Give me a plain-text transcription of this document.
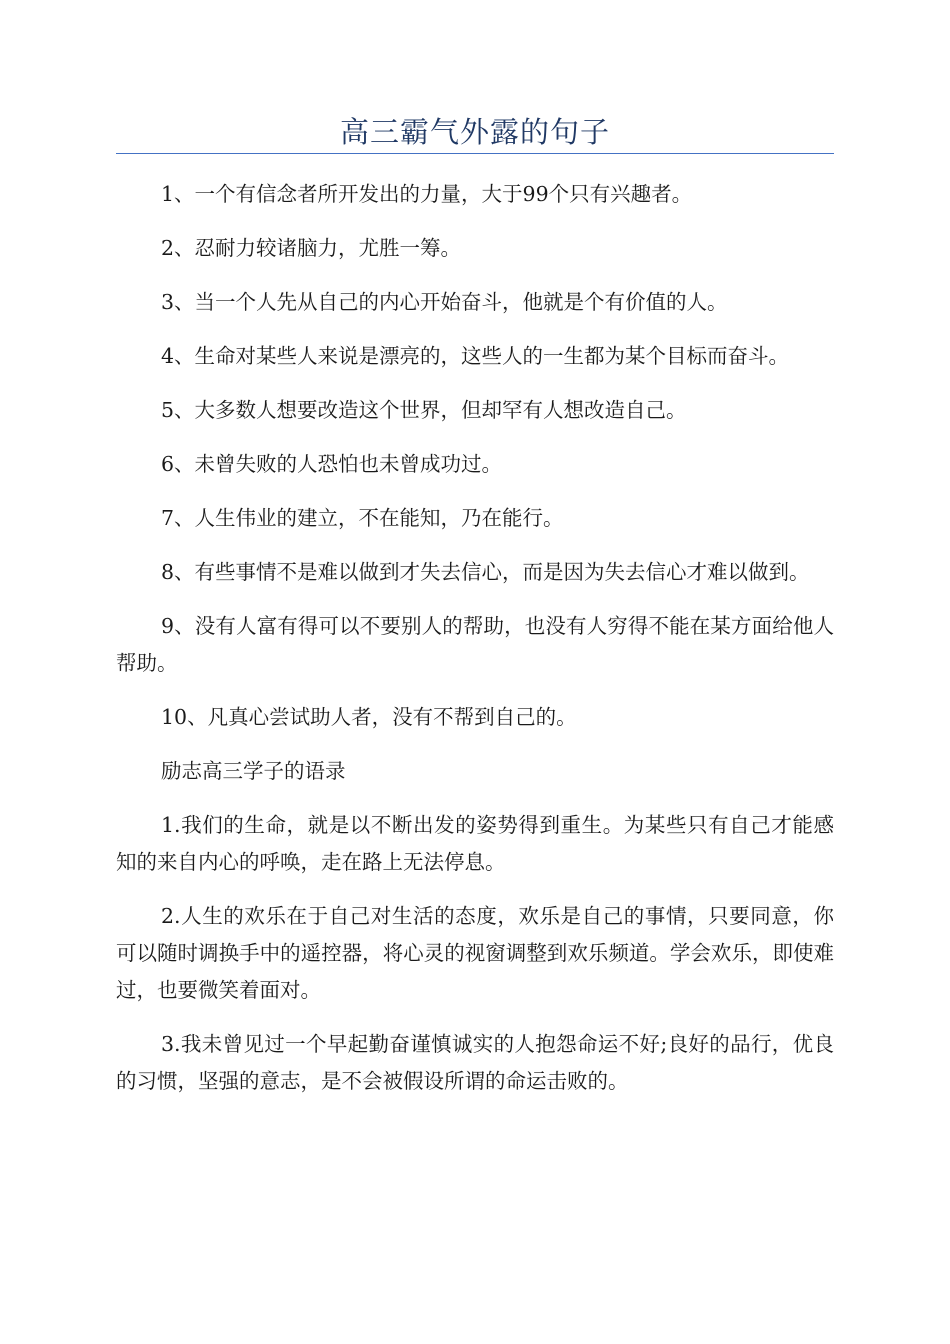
高三霸气外露的句子

1、一个有信念者所开发出的力量，大于99个只有兴趣者。

2、忍耐力较诸脑力，尤胜一筹。

3、当一个人先从自己的内心开始奋斗，他就是个有价值的人。

4、生命对某些人来说是漂亮的，这些人的一生都为某个目标而奋斗。

5、大多数人想要改造这个世界，但却罕有人想改造自己。

6、未曾失败的人恐怕也未曾成功过。

7、人生伟业的建立，不在能知，乃在能行。

8、有些事情不是难以做到才失去信心，而是因为失去信心才难以做到。

9、没有人富有得可以不要别人的帮助，也没有人穷得不能在某方面给他人帮助。

10、凡真心尝试助人者，没有不帮到自己的。

励志高三学子的语录

1.我们的生命，就是以不断出发的姿势得到重生。为某些只有自己才能感知的来自内心的呼唤，走在路上无法停息。

2.人生的欢乐在于自己对生活的态度，欢乐是自己的事情，只要同意，你可以随时调换手中的遥控器，将心灵的视窗调整到欢乐频道。学会欢乐，即使难过，也要微笑着面对。

3.我未曾见过一个早起勤奋谨慎诚实的人抱怨命运不好;良好的品行，优良的习惯，坚强的意志，是不会被假设所谓的命运击败的。
